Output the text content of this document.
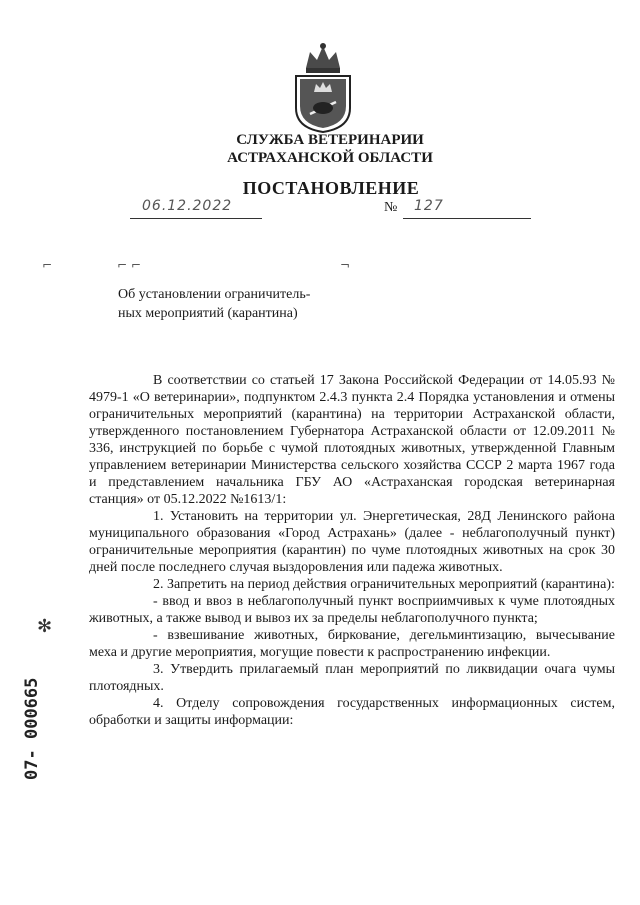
СЛУЖБА ВЕТЕРИНАРИИ
АСТРАХАНСКОЙ ОБЛАСТИ
ПОСТАНОВЛЕНИЕ
06.12.2022	№ 127
⌐	⌐ ⌐	¬
Об установлении ограничитель-
ных мероприятий (карантина)

В соответствии со статьей 17 Закона Российской Федерации от 14.05.93 № 4979-1 «О ветеринарии», подпунктом 2.4.3 пункта 2.4 Порядка установления и отмены ограничительных мероприятий (карантина) на территории Астраханской области, утвержденного постановлением Губернатора Астраханской области от 12.09.2011 № 336, инструкцией по борьбе с чумой плотоядных животных, утвержденной Главным управлением ветеринарии Министерства сельского хозяйства СССР 2 марта 1967 года и представлением начальника ГБУ АО «Астраханская городская ветеринарная станция» от 05.12.2022 №1613/1:

1. Установить на территории ул. Энергетическая, 28Д Ленинского района муниципального образования «Город Астрахань» (далее - неблагополучный пункт) ограничительные мероприятия (карантин) по чуме плотоядных животных на срок 30 дней после последнего случая выздоровления или падежа животных.

2. Запретить на период действия ограничительных мероприятий (карантина):

- ввод и ввоз в неблагополучный пункт восприимчивых к чуме плотоядных животных, а также вывод и вывоз их за пределы неблагополучного пункта;

- взвешивание животных, биркование, дегельминтизацию, вычесывание меха и другие мероприятия, могущие повести к распространению инфекции.

3. Утвердить прилагаемый план мероприятий по ликвидации очага чумы плотоядных.

4. Отделу сопровождения государственных информационных систем, обработки и защиты информации:

✻
07- 000665
